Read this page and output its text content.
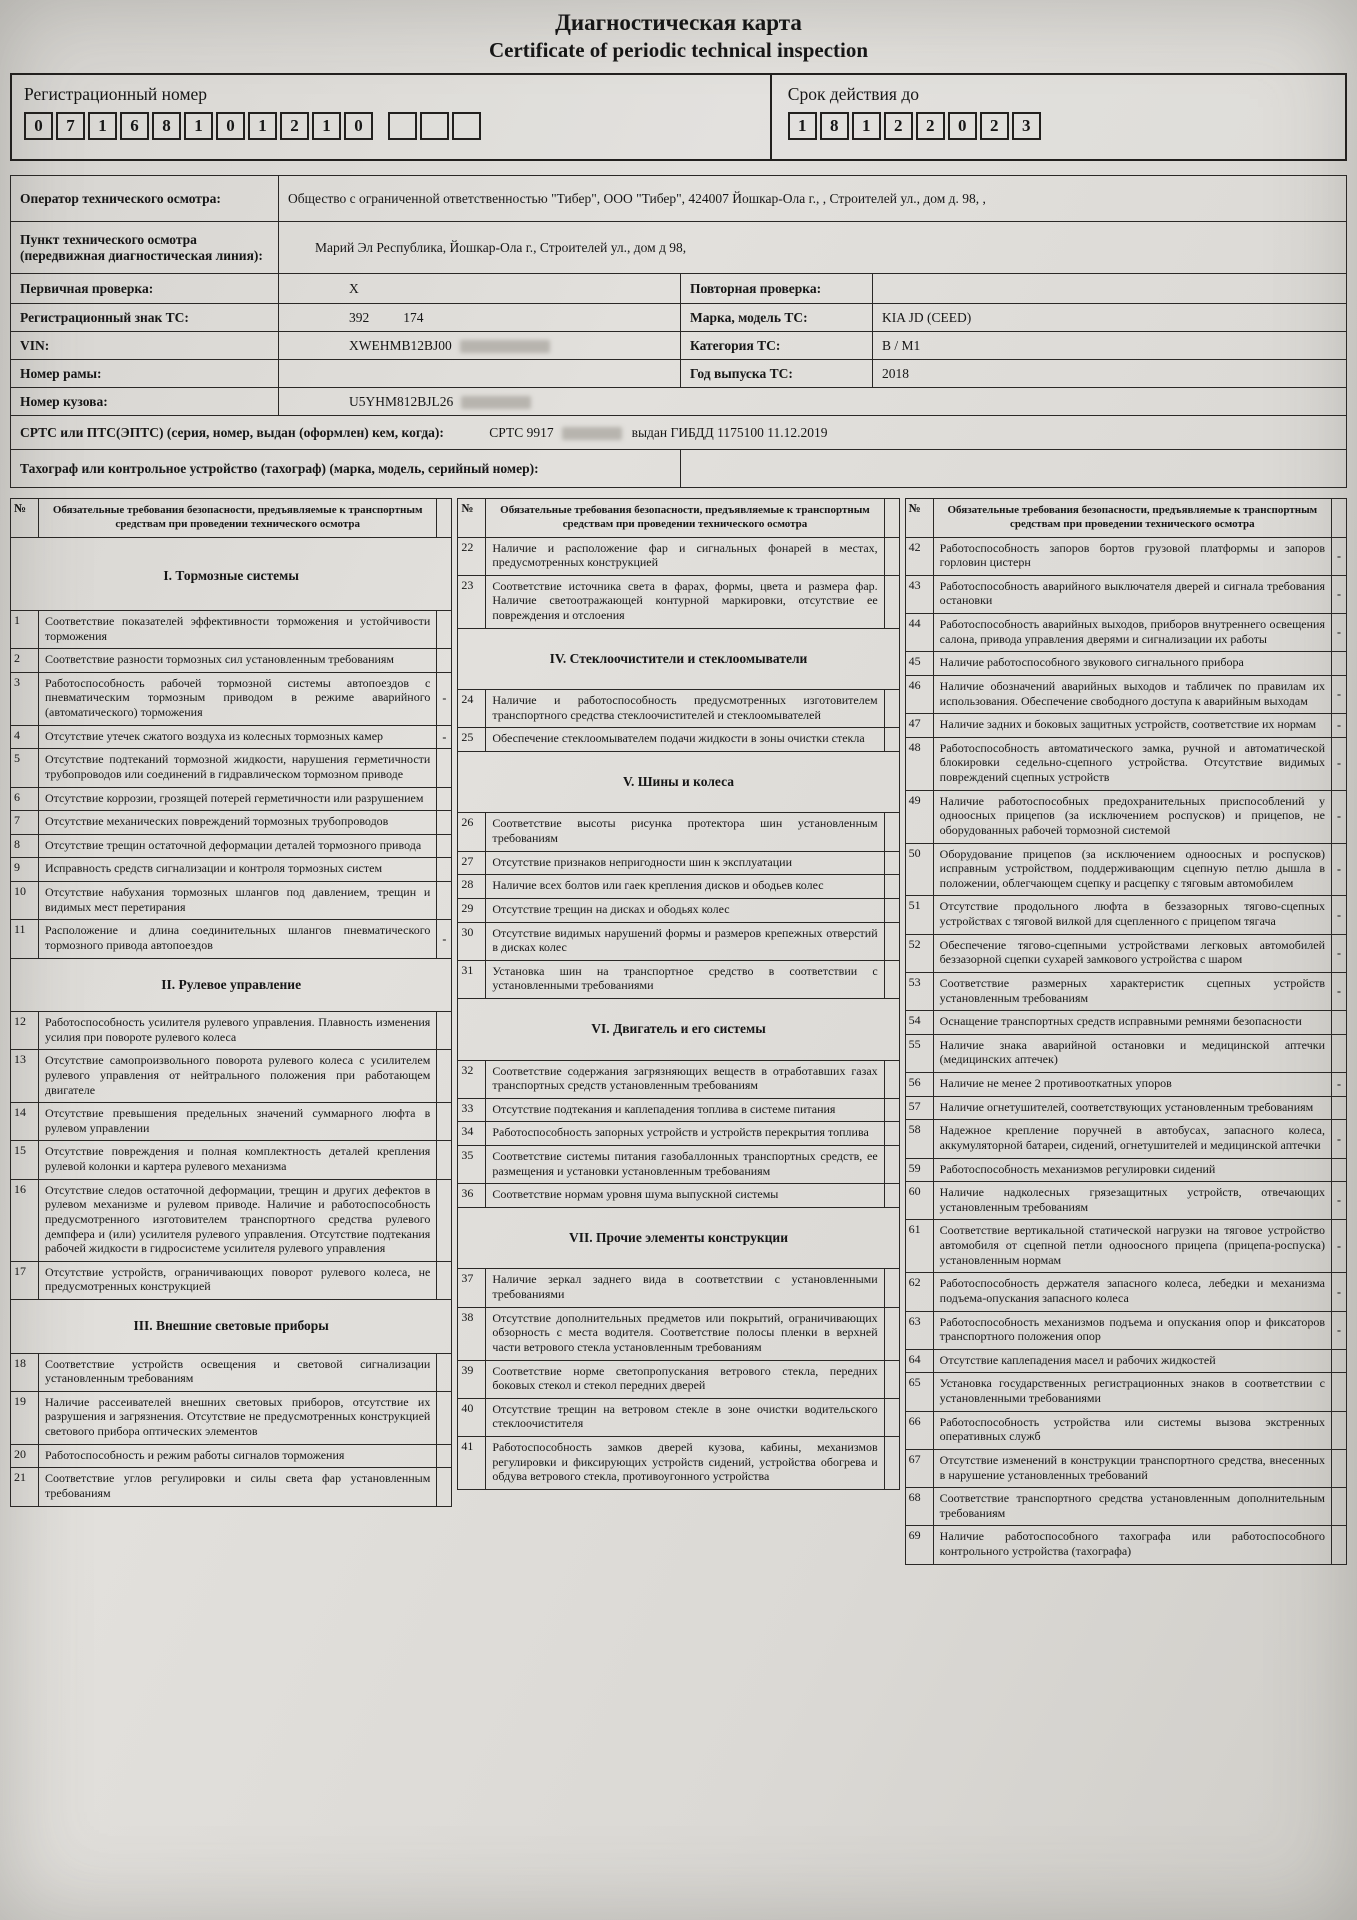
Диагностическая карта
Certificate of periodic technical inspection
Регистрационный номер
0	7	1	6	8	1	0	1	2	1	0
Срок действия до
1	8	1	2	2	0	2	3
Оператор технического осмотра:	Общество с ограниченной ответственностью "Тибер", ООО "Тибер", 424007 Йошкар-Ола г., , Строителей ул., дом д. 98, ,		
Пункт технического осмотра
(передвижная диагностическая линия):	Марий Эл Республика, Йошкар-Ола г., Строителей ул., дом д 98,		
Первичная проверка:	X	Повторная проверка:	
Регистрационный знак ТС:	392 174	Марка, модель ТС:	KIA JD (CEED)
VIN:	XWEHMB12BJ00	Категория ТС:	B / M1
Номер рамы:		Год выпуска ТС:	2018
Номер кузова:	U5YHM812BJL26		
СРТС или ПТС(ЭПТС) (серия, номер, выдан (оформлен) кем, когда): СРТС 9917 выдан ГИБДД 1175100 11.12.2019			
Тахограф или контрольное устройство (тахограф) (марка, модель, серийный номер):			
№	Обязательные требования безопасности, предъявляемые к транспортным средствам при проведении технического осмотра	
I. Тормозные системы		
1	Соответствие показателей эффективности торможения и устойчивости торможения	
2	Соответствие разности тормозных сил установленным требованиям	
3	Работоспособность рабочей тормозной системы автопоездов с пневматическим тормозным приводом в режиме аварийного (автоматического) торможения	-
4	Отсутствие утечек сжатого воздуха из колесных тормозных камер	-
5	Отсутствие подтеканий тормозной жидкости, нарушения герметичности трубопроводов или соединений в гидравлическом тормозном приводе	
6	Отсутствие коррозии, грозящей потерей герметичности или разрушением	
7	Отсутствие механических повреждений тормозных трубопроводов	
8	Отсутствие трещин остаточной деформации деталей тормозного привода	
9	Исправность средств сигнализации и контроля тормозных систем	
10	Отсутствие набухания тормозных шлангов под давлением, трещин и видимых мест перетирания	
11	Расположение и длина соединительных шлангов пневматического тормозного привода автопоездов	-
II. Рулевое управление		
12	Работоспособность усилителя рулевого управления. Плавность изменения усилия при повороте рулевого колеса	
13	Отсутствие самопроизвольного поворота рулевого колеса с усилителем рулевого управления от нейтрального положения при работающем двигателе	
14	Отсутствие превышения предельных значений суммарного люфта в рулевом управлении	
15	Отсутствие повреждения и полная комплектность деталей крепления рулевой колонки и картера рулевого механизма	
16	Отсутствие следов остаточной деформации, трещин и других дефектов в рулевом механизме и рулевом приводе. Наличие и работоспособность предусмотренного изготовителем транспортного средства рулевого демпфера и (или) усилителя рулевого управления. Отсутствие подтекания рабочей жидкости в гидросистеме усилителя рулевого управления	
17	Отсутствие устройств, ограничивающих поворот рулевого колеса, не предусмотренных конструкцией	
III. Внешние световые приборы		
18	Соответствие устройств освещения и световой сигнализации установленным требованиям	
19	Наличие рассеивателей внешних световых приборов, отсутствие их разрушения и загрязнения. Отсутствие не предусмотренных конструкцией светового прибора оптических элементов	
20	Работоспособность и режим работы сигналов торможения	
21	Соответствие углов регулировки и силы света фар установленным требованиям	
№	Обязательные требования безопасности, предъявляемые к транспортным средствам при проведении технического осмотра	
22	Наличие и расположение фар и сигнальных фонарей в местах, предусмотренных конструкцией	
23	Соответствие источника света в фарах, формы, цвета и размера фар. Наличие светоотражающей контурной маркировки, отсутствие ее повреждения и отслоения	
IV. Стеклоочистители и стеклоомыватели		
24	Наличие и работоспособность предусмотренных изготовителем транспортного средства стеклоочистителей и стеклоомывателей	
25	Обеспечение стеклоомывателем подачи жидкости в зоны очистки стекла	
V. Шины и колеса		
26	Соответствие высоты рисунка протектора шин установленным требованиям	
27	Отсутствие признаков непригодности шин к эксплуатации	
28	Наличие всех болтов или гаек крепления дисков и ободьев колес	
29	Отсутствие трещин на дисках и ободьях колес	
30	Отсутствие видимых нарушений формы и размеров крепежных отверстий в дисках колес	
31	Установка шин на транспортное средство в соответствии с установленными требованиями	
VI. Двигатель и его системы		
32	Соответствие содержания загрязняющих веществ в отработавших газах транспортных средств установленным требованиям	
33	Отсутствие подтекания и каплепадения топлива в системе питания	
34	Работоспособность запорных устройств и устройств перекрытия топлива	
35	Соответствие системы питания газобаллонных транспортных средств, ее размещения и установки установленным требованиям	
36	Соответствие нормам уровня шума выпускной системы	
VII. Прочие элементы конструкции		
37	Наличие зеркал заднего вида в соответствии с установленными требованиями	
38	Отсутствие дополнительных предметов или покрытий, ограничивающих обзорность с места водителя. Соответствие полосы пленки в верхней части ветрового стекла установленным требованиям	
39	Соответствие норме светопропускания ветрового стекла, передних боковых стекол и стекол передних дверей	
40	Отсутствие трещин на ветровом стекле в зоне очистки водительского стеклоочистителя	
41	Работоспособность замков дверей кузова, кабины, механизмов регулировки и фиксирующих устройств сидений, устройства обогрева и обдува ветрового стекла, противоугонного устройства	
№	Обязательные требования безопасности, предъявляемые к транспортным средствам при проведении технического осмотра	
42	Работоспособность запоров бортов грузовой платформы и запоров горловин цистерн	-
43	Работоспособность аварийного выключателя дверей и сигнала требования остановки	-
44	Работоспособность аварийных выходов, приборов внутреннего освещения салона, привода управления дверями и сигнализации их работы	-
45	Наличие работоспособного звукового сигнального прибора	
46	Наличие обозначений аварийных выходов и табличек по правилам их использования. Обеспечение свободного доступа к аварийным выходам	-
47	Наличие задних и боковых защитных устройств, соответствие их нормам	-
48	Работоспособность автоматического замка, ручной и автоматической блокировки седельно-сцепного устройства. Отсутствие видимых повреждений сцепных устройств	-
49	Наличие работоспособных предохранительных приспособлений у одноосных прицепов (за исключением роспусков) и прицепов, не оборудованных рабочей тормозной системой	-
50	Оборудование прицепов (за исключением одноосных и роспусков) исправным устройством, поддерживающим сцепную петлю дышла в положении, облегчающем сцепку и расцепку с тяговым автомобилем	-
51	Отсутствие продольного люфта в беззазорных тягово-сцепных устройствах с тяговой вилкой для сцепленного с прицепом тягача	-
52	Обеспечение тягово-сцепными устройствами легковых автомобилей беззазорной сцепки сухарей замкового устройства с шаром	-
53	Соответствие размерных характеристик сцепных устройств установленным требованиям	-
54	Оснащение транспортных средств исправными ремнями безопасности	
55	Наличие знака аварийной остановки и медицинской аптечки (медицинских аптечек)	
56	Наличие не менее 2 противооткатных упоров	-
57	Наличие огнетушителей, соответствующих установленным требованиям	
58	Надежное крепление поручней в автобусах, запасного колеса, аккумуляторной батареи, сидений, огнетушителей и медицинской аптечки	-
59	Работоспособность механизмов регулировки сидений	
60	Наличие надколесных грязезащитных устройств, отвечающих установленным требованиям	-
61	Соответствие вертикальной статической нагрузки на тяговое устройство автомобиля от сцепной петли одноосного прицепа (прицепа-роспуска) установленным нормам	-
62	Работоспособность держателя запасного колеса, лебедки и механизма подъема-опускания запасного колеса	-
63	Работоспособность механизмов подъема и опускания опор и фиксаторов транспортного положения опор	-
64	Отсутствие каплепадения масел и рабочих жидкостей	
65	Установка государственных регистрационных знаков в соответствии с установленными требованиями	
66	Работоспособность устройства или системы вызова экстренных оперативных служб	
67	Отсутствие изменений в конструкции транспортного средства, внесенных в нарушение установленных требований	
68	Соответствие транспортного средства установленным дополнительным требованиям	
69	Наличие работоспособного тахографа или работоспособного контрольного устройства (тахографа)	
